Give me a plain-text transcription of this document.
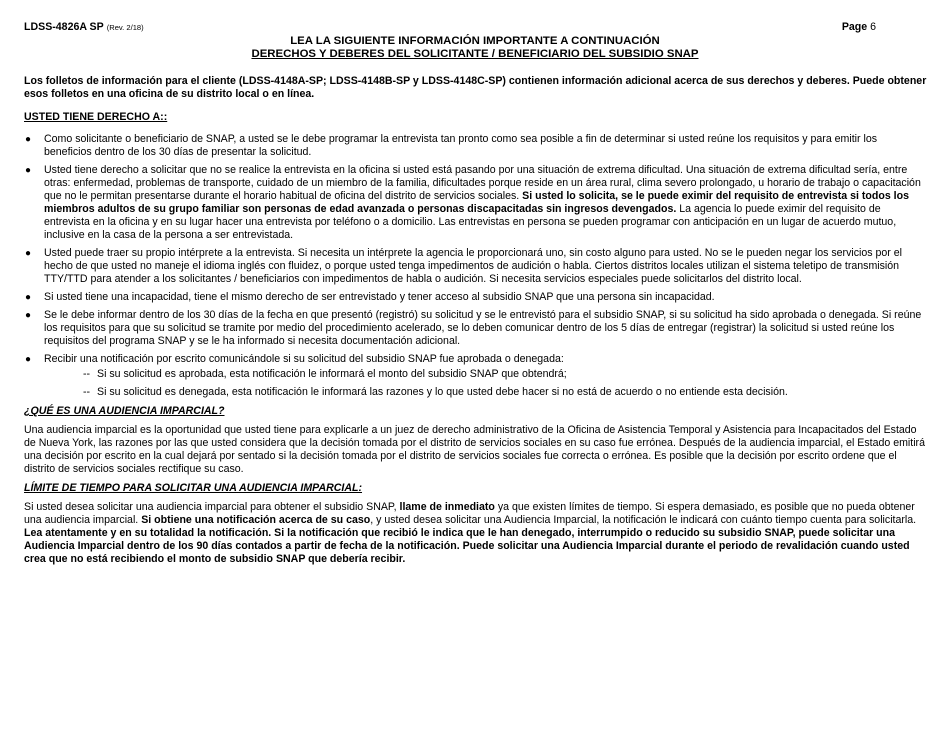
LDSS-4826A SP (Rev. 2/18)	Page 6
LEA LA SIGUIENTE INFORMACIÓN IMPORTANTE A CONTINUACIÓN
DERECHOS Y DEBERES DEL SOLICITANTE / BENEFICIARIO DEL SUBSIDIO SNAP

Los folletos de información para el cliente (LDSS-4148A-SP; LDSS-4148B-SP y LDSS-4148C-SP) contienen información adicional acerca de sus derechos y deberes. Puede obtener esos folletos en una oficina de su distrito local o en línea.

USTED TIENE DERECHO A::

● Como solicitante o beneficiario de SNAP, a usted se le debe programar la entrevista tan pronto como sea posible a fin de determinar si usted reúne los requisitos y para emitir los beneficios dentro de los 30 días de presentar la solicitud.
● Usted tiene derecho a solicitar que no se realice la entrevista en la oficina si usted está pasando por una situación de extrema dificultad. Una situación de extrema dificultad sería, entre otras: enfermedad, problemas de transporte, cuidado de un miembro de la familia, dificultades porque reside en un área rural, clima severo prolongado, u horario de trabajo o capacitación que no le permitan presentarse durante el horario habitual de oficina del distrito de servicios sociales. Si usted lo solicita, se le puede eximir del requisito de entrevista si todos los miembros adultos de su grupo familiar son personas de edad avanzada o personas discapacitadas sin ingresos devengados. La agencia lo puede eximir del requisito de entrevista en la oficina y en su lugar hacer una entrevista por teléfono o a domicilio. Las entrevistas en persona se pueden programar con anticipación en un lugar de acuerdo mutuo, inclusive en la casa de la persona a ser entrevistada.
● Usted puede traer su propio intérprete a la entrevista. Si necesita un intérprete la agencia le proporcionará uno, sin costo alguno para usted. No se le pueden negar los servicios por el hecho de que usted no maneje el idioma inglés con fluidez, o porque usted tenga impedimentos de audición o habla. Ciertos distritos locales utilizan el sistema teletipo de transmisión TTY/TTD para atender a los solicitantes / beneficiarios con impedimentos de habla o audición. Si necesita servicios especiales puede solicitarlos del distrito local.
● Si usted tiene una incapacidad, tiene el mismo derecho de ser entrevistado y tener acceso al subsidio SNAP que una persona sin incapacidad.
● Se le debe informar dentro de los 30 días de la fecha en que presentó (registró) su solicitud y se le entrevistó para el subsidio SNAP, si su solicitud ha sido aprobada o denegada. Si reúne los requisitos para que su solicitud se tramite por medio del procedimiento acelerado, se lo deben comunicar dentro de los 5 días de entregar (registrar) la solicitud si usted reúne los requisitos del programa SNAP y se le ha informado si necesita documentación adicional.
● Recibir una notificación por escrito comunicándole si su solicitud del subsidio SNAP fue aprobada o denegada:
-- Si su solicitud es aprobada, esta notificación le informará el monto del subsidio SNAP que obtendrá;
-- Si su solicitud es denegada, esta notificación le informará las razones y lo que usted debe hacer si no está de acuerdo o no entiende esta decisión.

¿QUÉ ES UNA AUDIENCIA IMPARCIAL?

Una audiencia imparcial es la oportunidad que usted tiene para explicarle a un juez de derecho administrativo de la Oficina de Asistencia Temporal y Asistencia para Incapacitados del Estado de Nueva York, las razones por las que usted considera que la decisión tomada por el distrito de servicios sociales en su caso fue errónea. Después de la audiencia imparcial, el Estado emitirá una decisión por escrito en la cual dejará por sentado si la decisión tomada por el distrito de servicios sociales fue correcta o errónea. Es posible que la decisión por escrito ordene que el distrito de servicios sociales rectifique su caso.

LÍMITE DE TIEMPO PARA SOLICITAR UNA AUDIENCIA IMPARCIAL:

Si usted desea solicitar una audiencia imparcial para obtener el subsidio SNAP, llame de inmediato ya que existen límites de tiempo. Si espera demasiado, es posible que no pueda obtener una audiencia imparcial. Si obtiene una notificación acerca de su caso, y usted desea solicitar una Audiencia Imparcial, la notificación le indicará con cuánto tiempo cuenta para solicitarla. Lea atentamente y en su totalidad la notificación. Si la notificación que recibió le indica que le han denegado, interrumpido o reducido su subsidio SNAP, puede solicitar una Audiencia Imparcial dentro de los 90 días contados a partir de fecha de la notificación. Puede solicitar una Audiencia Imparcial durante el periodo de revalidación cuando usted crea que no está recibiendo el monto de subsidio SNAP que debería recibir.
